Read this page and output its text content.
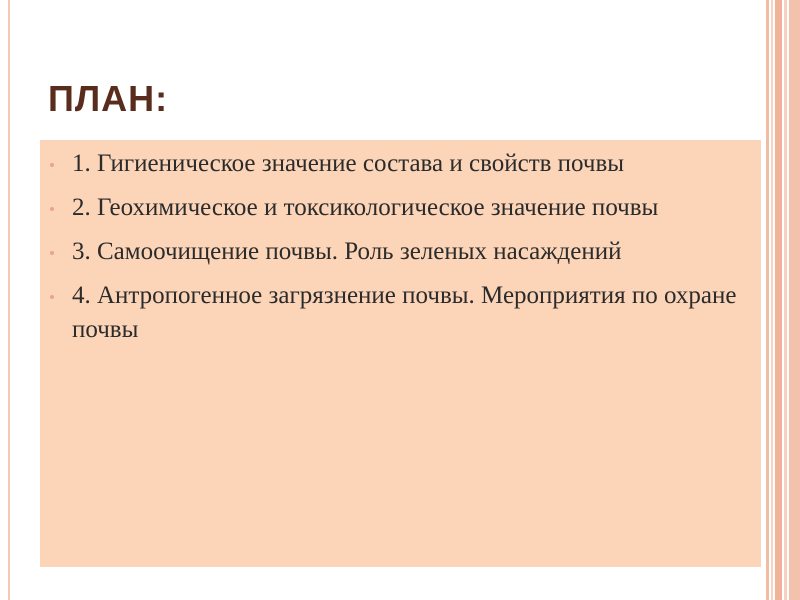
ПЛАН:
1. Гигиеническое значение состава и свойств почвы
2. Геохимическое и токсикологическое значение почвы
3. Самоочищение почвы. Роль зеленых насаждений
4. Антропогенное загрязнение почвы. Мероприятия по охране почвы
